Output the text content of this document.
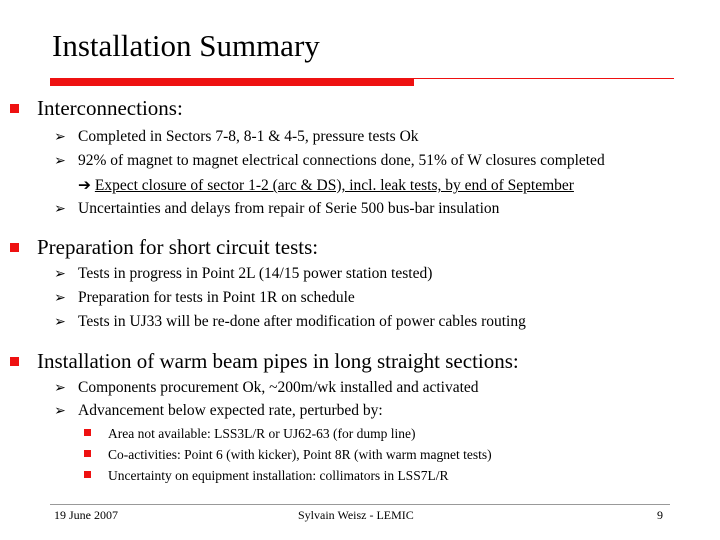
Installation Summary
Interconnections:
➢ Completed in Sectors 7-8, 8-1 & 4-5, pressure tests Ok
➢ 92% of magnet to magnet electrical connections done, 51% of W closures completed
➔ Expect closure of sector 1-2 (arc & DS), incl. leak tests, by end of September
➢ Uncertainties and delays from repair of Serie 500 bus-bar insulation
Preparation for short circuit tests:
➢ Tests in progress in Point 2L (14/15 power station tested)
➢ Preparation for tests in Point 1R on schedule
➢ Tests in UJ33 will be re-done after modification of power cables routing
Installation of warm beam pipes in long straight sections:
➢ Components procurement Ok, ~200m/wk installed and activated
➢ Advancement below expected rate, perturbed by:
Area not available: LSS3L/R or UJ62-63 (for dump line)
Co-activities: Point 6 (with kicker), Point 8R (with warm magnet tests)
Uncertainty on equipment installation: collimators in LSS7L/R
19 June 2007	Sylvain Weisz - LEMIC	9
